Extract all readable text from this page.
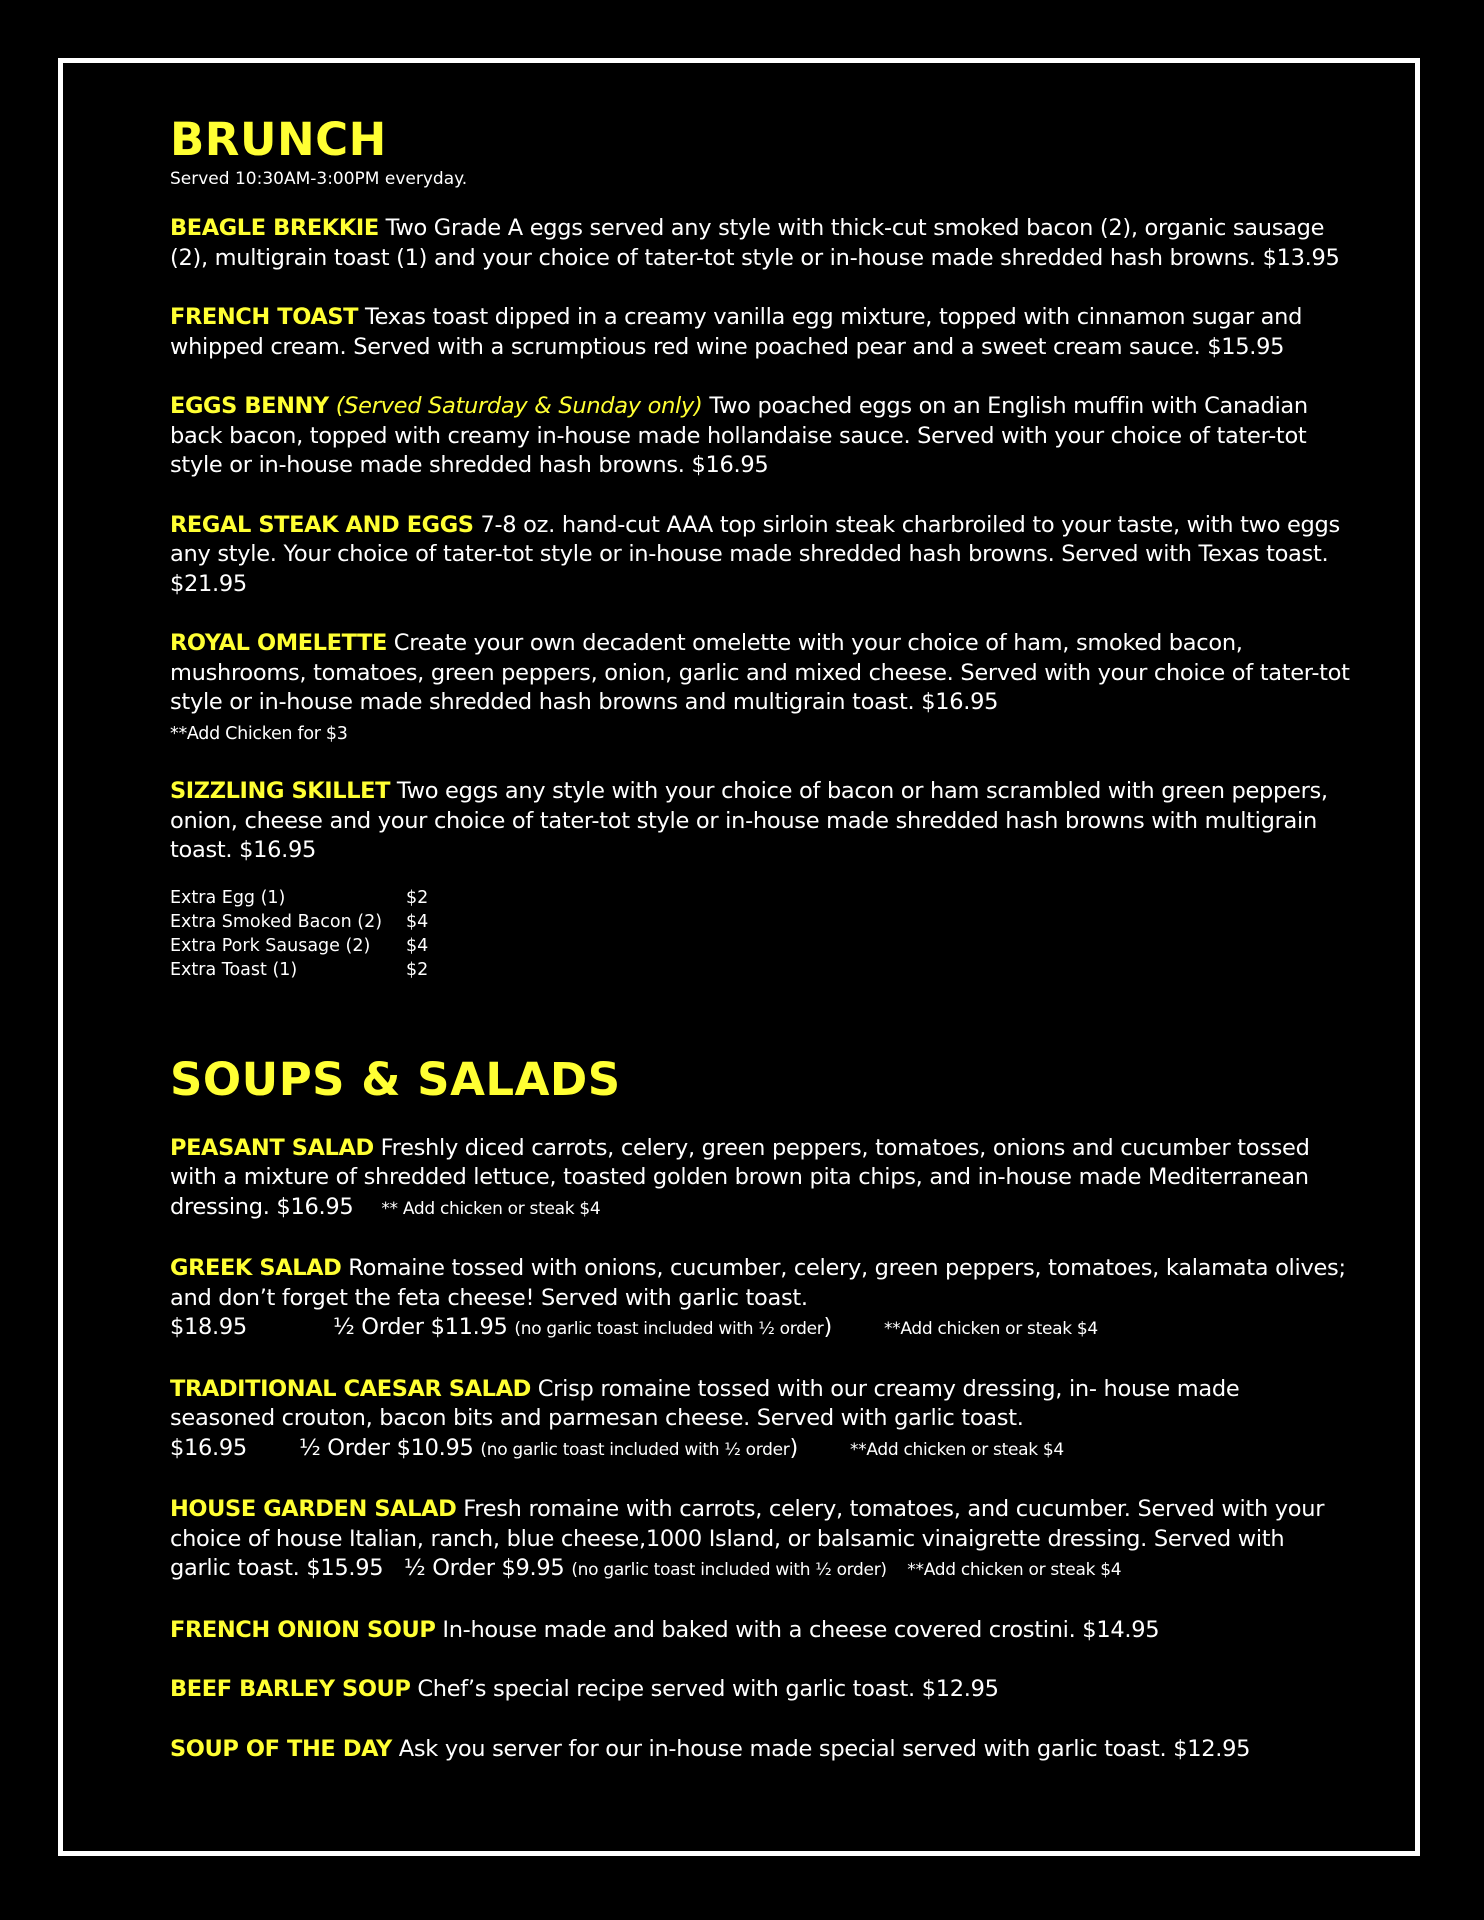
BRUNCH

Served 10:30AM-3:00PM everyday.

BEAGLE BREKKIE Two Grade A eggs served any style with thick-cut smoked bacon (2), organic sausage (2), multigrain toast (1) and your choice of tater-tot style or in-house made shredded hash browns. $13.95

FRENCH TOAST Texas toast dipped in a creamy vanilla egg mixture, topped with cinnamon sugar and whipped cream. Served with a scrumptious red wine poached pear and a sweet cream sauce. $15.95

EGGS BENNY (Served Saturday & Sunday only) Two poached eggs on an English muffin with Canadian back bacon, topped with creamy in-house made hollandaise sauce. Served with your choice of tater-tot style or in-house made shredded hash browns. $16.95

REGAL STEAK AND EGGS 7-8 oz. hand-cut AAA top sirloin steak charbroiled to your taste, with two eggs any style. Your choice of tater-tot style or in-house made shredded hash browns. Served with Texas toast. $21.95

ROYAL OMELETTE Create your own decadent omelette with your choice of ham, smoked bacon, mushrooms, tomatoes, green peppers, onion, garlic and mixed cheese. Served with your choice of tater-tot style or in-house made shredded hash browns and multigrain toast. $16.95
**Add Chicken for $3

SIZZLING SKILLET Two eggs any style with your choice of bacon or ham scrambled with green peppers, onion, cheese and your choice of tater-tot style or in-house made shredded hash browns with multigrain toast. $16.95

Extra Egg (1)	$2
Extra Smoked Bacon (2)	$4
Extra Pork Sausage (2)	$4
Extra Toast (1)	$2
SOUPS & SALADS

PEASANT SALAD Freshly diced carrots, celery, green peppers, tomatoes, onions and cucumber tossed with a mixture of shredded lettuce, toasted golden brown pita chips, and in-house made Mediterranean dressing. $16.95 ** Add chicken or steak $4

GREEK SALAD Romaine tossed with onions, cucumber, celery, green peppers, tomatoes, kalamata olives; and don’t forget the feta cheese! Served with garlic toast.
$18.95	½ Order $11.95 (no garlic toast included with ½ order)	**Add chicken or steak $4

TRADITIONAL CAESAR SALAD Crisp romaine tossed with our creamy dressing, in- house made seasoned crouton, bacon bits and parmesan cheese. Served with garlic toast.
$16.95 ½ Order $10.95 (no garlic toast included with ½ order)	**Add chicken or steak $4

HOUSE GARDEN SALAD Fresh romaine with carrots, celery, tomatoes, and cucumber. Served with your choice of house Italian, ranch, blue cheese,1000 Island, or balsamic vinaigrette dressing. Served with garlic toast. $15.95 ½ Order $9.95 (no garlic toast included with ½ order) **Add chicken or steak $4

FRENCH ONION SOUP In-house made and baked with a cheese covered crostini. $14.95

BEEF BARLEY SOUP Chef’s special recipe served with garlic toast. $12.95

SOUP OF THE DAY Ask you server for our in-house made special served with garlic toast. $12.95
